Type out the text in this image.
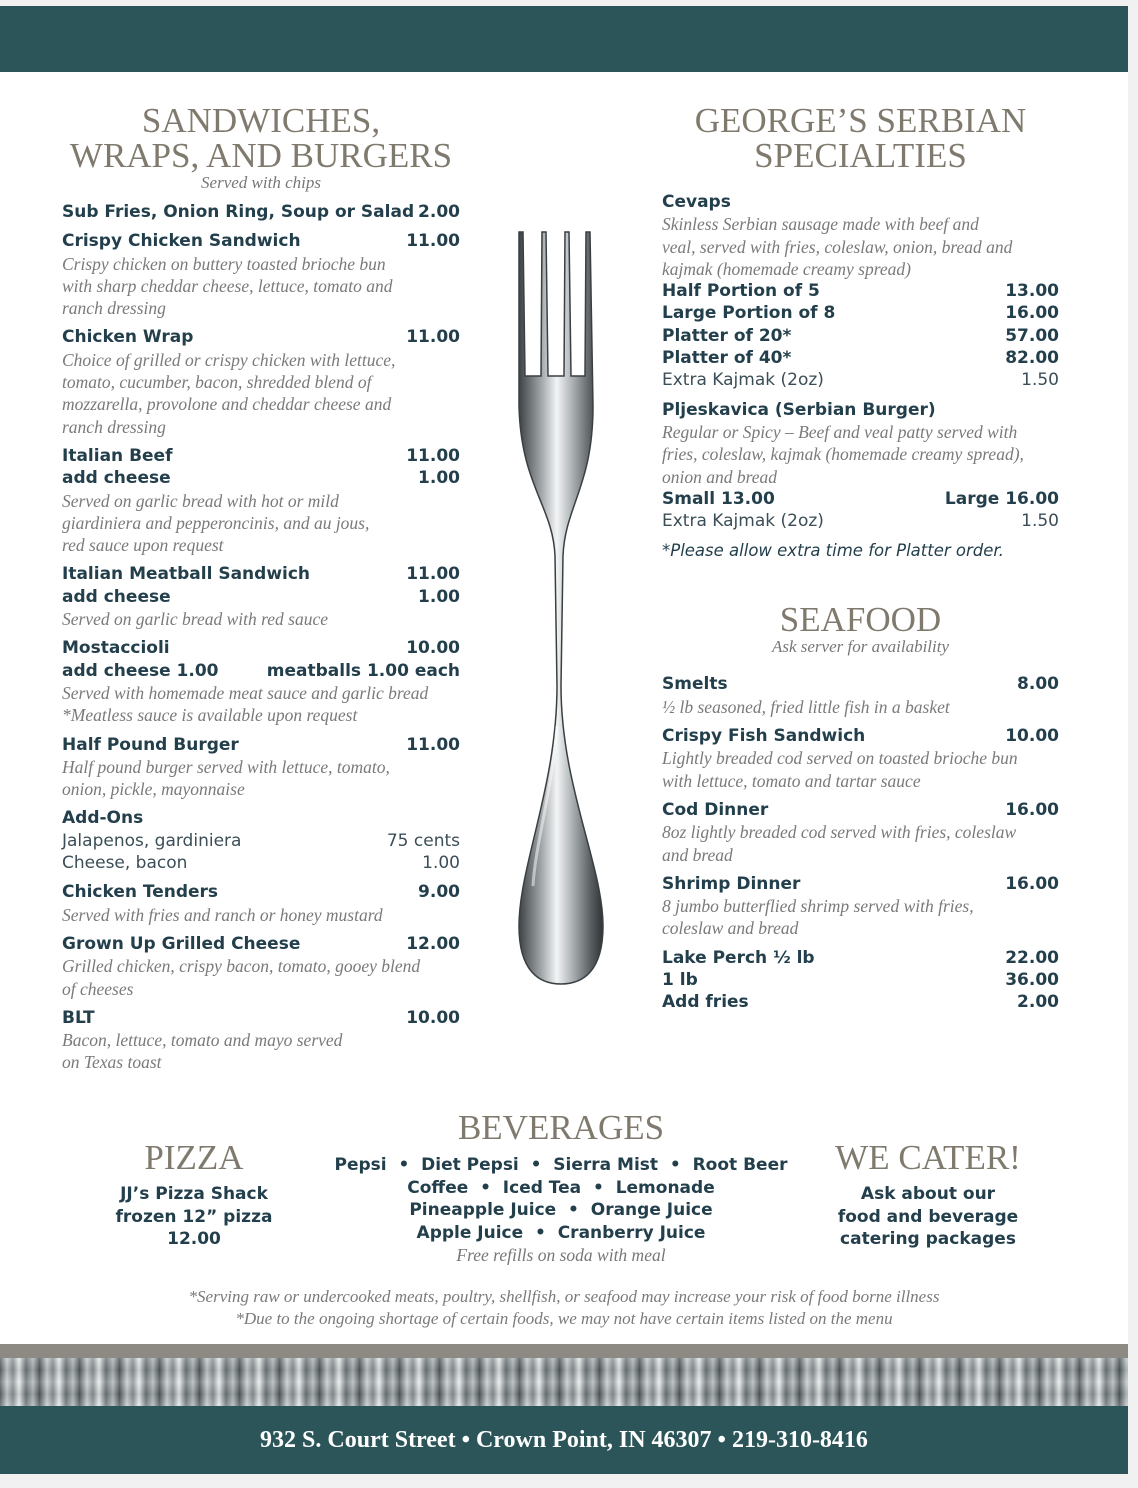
SANDWICHES,
WRAPS, AND BURGERS
Served with chips
Sub Fries, Onion Ring, Soup or Salad 2.00
Crispy Chicken Sandwich	11.00
Crispy chicken on buttery toasted brioche bun
with sharp cheddar cheese, lettuce, tomato and
ranch dressing
Chicken Wrap	11.00
Choice of grilled or crispy chicken with lettuce,
tomato, cucumber, bacon, shredded blend of
mozzarella, provolone and cheddar cheese and
ranch dressing
Italian Beef	11.00
add cheese	1.00
Served on garlic bread with hot or mild
giardiniera and pepperoncinis, and au jous,
red sauce upon request
Italian Meatball Sandwich	11.00
add cheese	1.00
Served on garlic bread with red sauce
Mostaccioli	10.00
add cheese 1.00	meatballs 1.00 each
Served with homemade meat sauce and garlic bread
*Meatless sauce is available upon request
Half Pound Burger	11.00
Half pound burger served with lettuce, tomato,
onion, pickle, mayonnaise
Add-Ons
Jalapenos, gardiniera	75 cents
Cheese, bacon	1.00
Chicken Tenders	9.00
Served with fries and ranch or honey mustard
Grown Up Grilled Cheese	12.00
Grilled chicken, crispy bacon, tomato, gooey blend
of cheeses
BLT	10.00
Bacon, lettuce, tomato and mayo served
on Texas toast
GEORGE’S SERBIAN
SPECIALTIES
Cevaps
Skinless Serbian sausage made with beef and
veal, served with fries, coleslaw, onion, bread and
kajmak (homemade creamy spread)
Half Portion of 5	13.00
Large Portion of 8	16.00
Platter of 20*	57.00
Platter of 40*	82.00
Extra Kajmak (2oz)	1.50
Pljeskavica (Serbian Burger)
Regular or Spicy – Beef and veal patty served with
fries, coleslaw, kajmak (homemade creamy spread),
onion and bread
Small 13.00	Large 16.00
Extra Kajmak (2oz)	1.50
*Please allow extra time for Platter order.
SEAFOOD
Ask server for availability
Smelts	8.00
½ lb seasoned, fried little fish in a basket
Crispy Fish Sandwich	10.00
Lightly breaded cod served on toasted brioche bun
with lettuce, tomato and tartar sauce
Cod Dinner	16.00
8oz lightly breaded cod served with fries, coleslaw
and bread
Shrimp Dinner	16.00
8 jumbo butterflied shrimp served with fries,
coleslaw and bread
Lake Perch ½ lb	22.00
1 lb	36.00
Add fries	2.00
PIZZA
JJ’s Pizza Shack
frozen 12” pizza
12.00
BEVERAGES
Pepsi  •  Diet Pepsi  •  Sierra Mist  •  Root Beer
Coffee  •  Iced Tea  •  Lemonade
Pineapple Juice  •  Orange Juice
Apple Juice  •  Cranberry Juice
Free refills on soda with meal
WE CATER!
Ask about our
food and beverage
catering packages
*Serving raw or undercooked meats, poultry, shellfish, or seafood may increase your risk of food borne illness
*Due to the ongoing shortage of certain foods, we may not have certain items listed on the menu
932 S. Court Street • Crown Point, IN 46307 • 219-310-8416
